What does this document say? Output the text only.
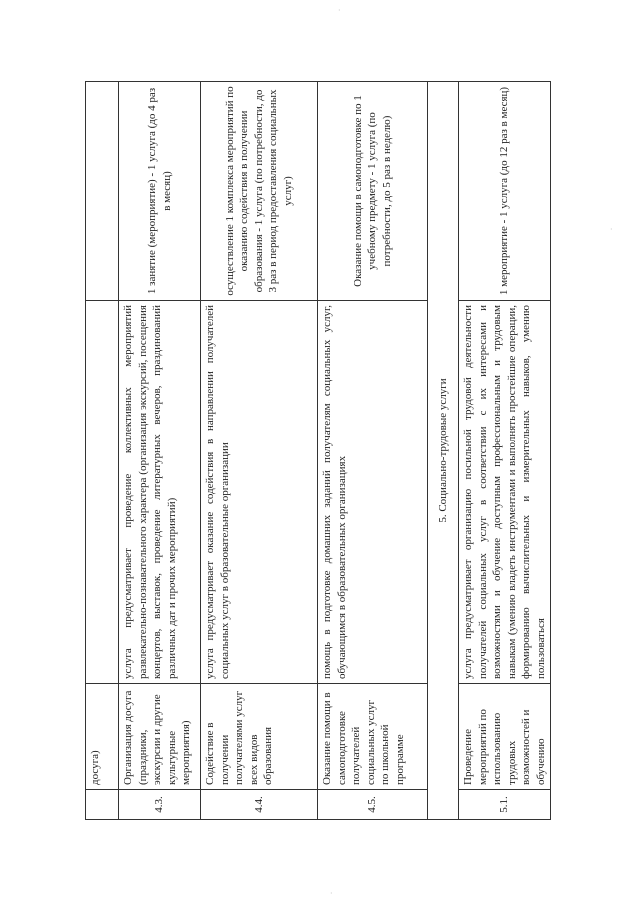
·
·
·
	досуга)		
4.3.	Организация досуга (праздники, экскурсии и другие культурные мероприятия)	услуга предусматривает проведение коллективных мероприятий развлекательно-познавательного характера (организация экскурсий, посещения концертов, выставок, проведение литературных вечеров, праздинований различных дат и прочих мероприятий)	1 занятие (мероприятие) - 1 услуга (до 4 раз в месяц)
4.4.	Содействие в получении получателями услуг всех видов образования	услуга предусматривает оказание содействия в направлении получателей социальных услуг в образовательные организации	осуществление 1 комплекса мероприятий по оказанию содействия в получении образования - 1 услуга (по потребности, до 3 раз в период предоставления социальных услуг)
4.5.	Оказание помощи в самоподготовке получателей социальных услуг по школьной программе	помощь в подготовке домашних заданий получателям социальных услуг, обучающимся в образовательных организациях	Оказание помощи в самоподготовке по 1 учебному предмету - 1 услуга (по потребности, до 5 раз в неделю)
5. Социально-трудовые услуги			
5.1.	Проведение мероприятий по использованию трудовых возможностей и обучению	услуга предусматривает организацию посильной трудовой деятельности получателей социальных услуг в соответствии с их интересами и возможностями и обучение доступным профессиональным и трудовым навыкам (умению владеть инструментами и выполнять простейшие операции, формированию вычислительных и измерительных навыков, умению пользоваться	1 мероприятие - 1 услуга (до 12 раз в месяц)
